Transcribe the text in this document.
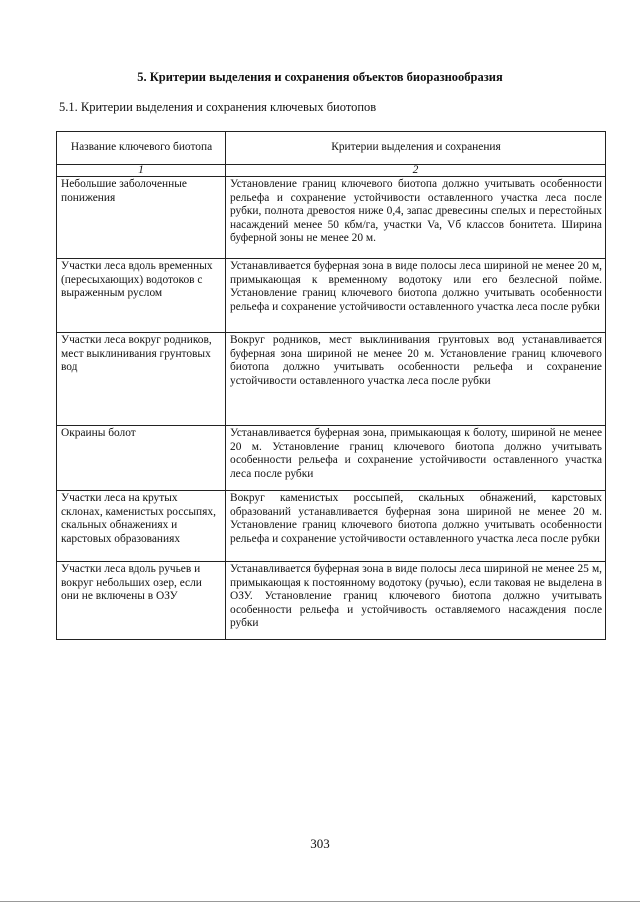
5. Критерии выделения и сохранения объектов биоразнообразия
5.1. Критерии выделения и сохранения ключевых биотопов
Название ключевого биотопа	Критерии выделения и сохранения
1	2
Небольшие заболоченные понижения	Установление границ ключевого биотопа должно учитывать особенности рельефа и сохранение устойчивости оставленного участка леса после рубки, полнота древостоя ниже 0,4, запас древесины спелых и перестойных насаждений менее 50 кбм/га, участки Va, Vб классов бонитета. Ширина буферной зоны не менее 20 м.
Участки леса вдоль временных (пересыхающих) водотоков с выраженным руслом	Устанавливается буферная зона в виде полосы леса шириной не менее 20 м, примыкающая к временному водотоку или его безлесной пойме. Установление границ ключевого биотопа должно учитывать особенности рельефа и сохранение устойчивости оставленного участка леса после рубки
Участки леса вокруг родников, мест выклинивания грунтовых вод	Вокруг родников, мест выклинивания грунтовых вод устанавливается буферная зона шириной не менее 20 м. Установление границ ключевого биотопа должно учитывать особенности рельефа и сохранение устойчивости оставленного участка леса после рубки
Окраины болот	Устанавливается буферная зона, примыкающая к болоту, шириной не менее 20 м. Установление границ ключевого биотопа должно учитывать особенности рельефа и сохранение устойчивости оставленного участка леса после рубки
Участки леса на крутых склонах, каменистых россыпях, скальных обнажениях и карстовых образованиях	Вокруг каменистых россыпей, скальных обнажений, карстовых образований устанавливается буферная зона шириной не менее 20 м. Установление границ ключевого биотопа должно учитывать особенности рельефа и сохранение устойчивости оставленного участка леса после рубки
Участки леса вдоль ручьев и вокруг небольших озер, если они не включены в ОЗУ	Устанавливается буферная зона в виде полосы леса шириной не менее 25 м, примыкающая к постоянному водотоку (ручью), если таковая не выделена в ОЗУ. Установление границ ключевого биотопа должно учитывать особенности рельефа и устойчивость оставляемого насаждения после рубки
303
